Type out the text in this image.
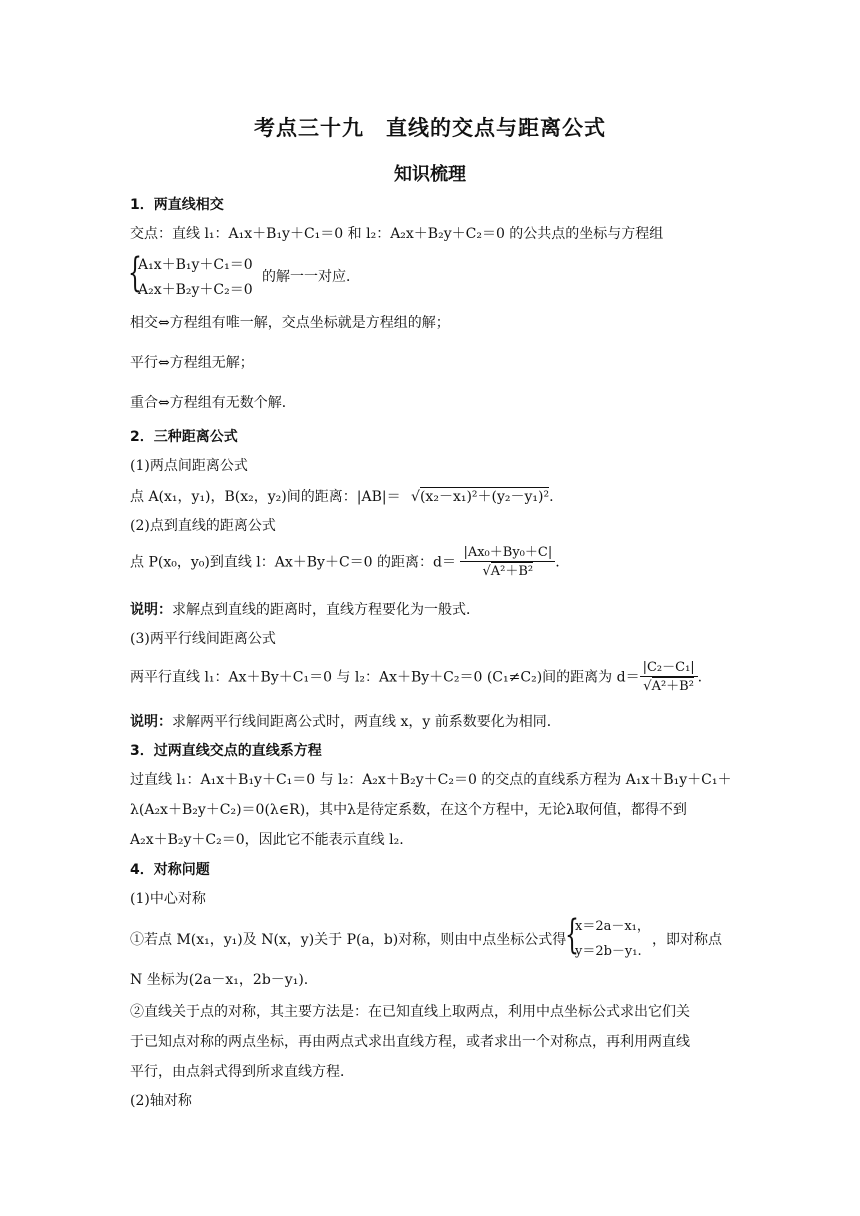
考点三十九　直线的交点与距离公式
知识梳理
1．两直线相交
交点：直线 l₁：A₁x＋B₁y＋C₁＝0 和 l₂：A₂x＋B₂y＋C₂＝0 的公共点的坐标与方程组
{
A₁x＋B₁y＋C₁＝0
A₂x＋B₂y＋C₂＝0
的解一一对应．
相交⇔方程组有唯一解，交点坐标就是方程组的解；
平行⇔方程组无解；
重合⇔方程组有无数个解．
2．三种距离公式
(1)两点间距离公式
点 A(x₁，y₁)，B(x₂，y₂)间的距离：|AB|＝ √(x₂－x₁)²＋(y₂－y₁)².
(2)点到直线的距离公式
点 P(x₀，y₀)到直线 l：Ax＋By＋C＝0 的距离：$d= \frac{\text{|Ax₀＋By₀＋C|}}{\text{√A²＋B²}}$ .
说明：求解点到直线的距离时，直线方程要化为一般式．
(3)两平行线间距离公式
两平行直线 l₁：Ax＋By＋C₁＝0 与 l₂：Ax＋By＋C₂＝0 (C₁≠C₂)间的距离为 $d= \frac{\text{|C₂－C₁|}}{\text{√A²＋B²}}$ .
说明：求解两平行线间距离公式时，两直线 x，y 前系数要化为相同．
3．过两直线交点的直线系方程
过直线 l₁：A₁x＋B₁y＋C₁＝0 与 l₂：A₂x＋B₂y＋C₂＝0 的交点的直线系方程为 A₁x＋B₁y＋C₁＋
λ(A₂x＋B₂y＋C₂)＝0(λ∈R)，其中λ是待定系数，在这个方程中，无论λ取何值，都得不到
A₂x＋B₂y＋C₂＝0，因此它不能表示直线 l₂.
4．对称问题
(1)中心对称
①若点 M(x₁，y₁)及 N(x，y)关于 P(a，b)对称，则由中点坐标公式得
{
x＝2a－x₁，
y＝2b－y₁.
，即对称点
N 坐标为(2a－x₁，2b－y₁).
②直线关于点的对称，其主要方法是：在已知直线上取两点，利用中点坐标公式求出它们关
于已知点对称的两点坐标，再由两点式求出直线方程，或者求出一个对称点，再利用两直线
平行，由点斜式得到所求直线方程．
(2)轴对称
